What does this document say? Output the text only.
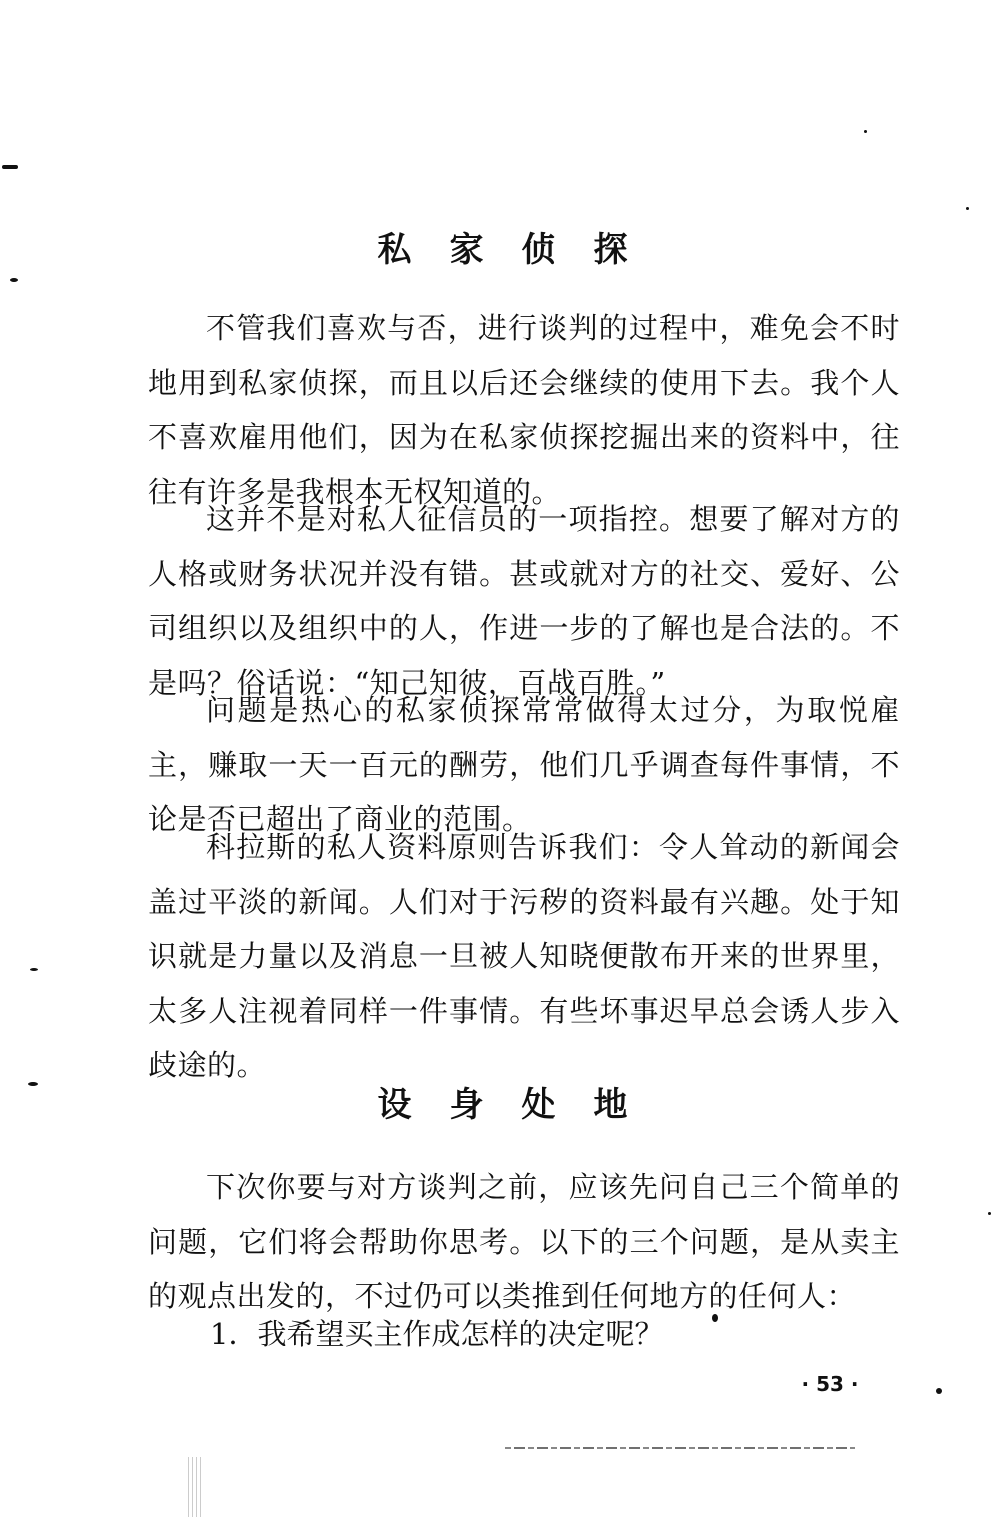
私家侦探

不管我们喜欢与否，进行谈判的过程中，难免会不时地用到私家侦探，而且以后还会继续的使用下去。我个人不喜欢雇用他们，因为在私家侦探挖掘出来的资料中，往往有许多是我根本无权知道的。

这并不是对私人征信员的一项指控。想要了解对方的人格或财务状况并没有错。甚或就对方的社交、爱好、公司组织以及组织中的人，作进一步的了解也是合法的。不是吗？俗话说：“知己知彼，百战百胜。”

问题是热心的私家侦探常常做得太过分，为取悦雇主，赚取一天一百元的酬劳，他们几乎调查每件事情，不论是否已超出了商业的范围。

科拉斯的私人资料原则告诉我们：令人耸动的新闻会盖过平淡的新闻。人们对于污秽的资料最有兴趣。处于知识就是力量以及消息一旦被人知晓便散布开来的世界里，太多人注视着同样一件事情。有些坏事迟早总会诱人步入歧途的。

设身处地

下次你要与对方谈判之前，应该先问自己三个简单的问题，它们将会帮助你思考。以下的三个问题，是从卖主的观点出发的，不过仍可以类推到任何地方的任何人：

1．我希望买主作成怎样的决定呢？

· 53 ·
